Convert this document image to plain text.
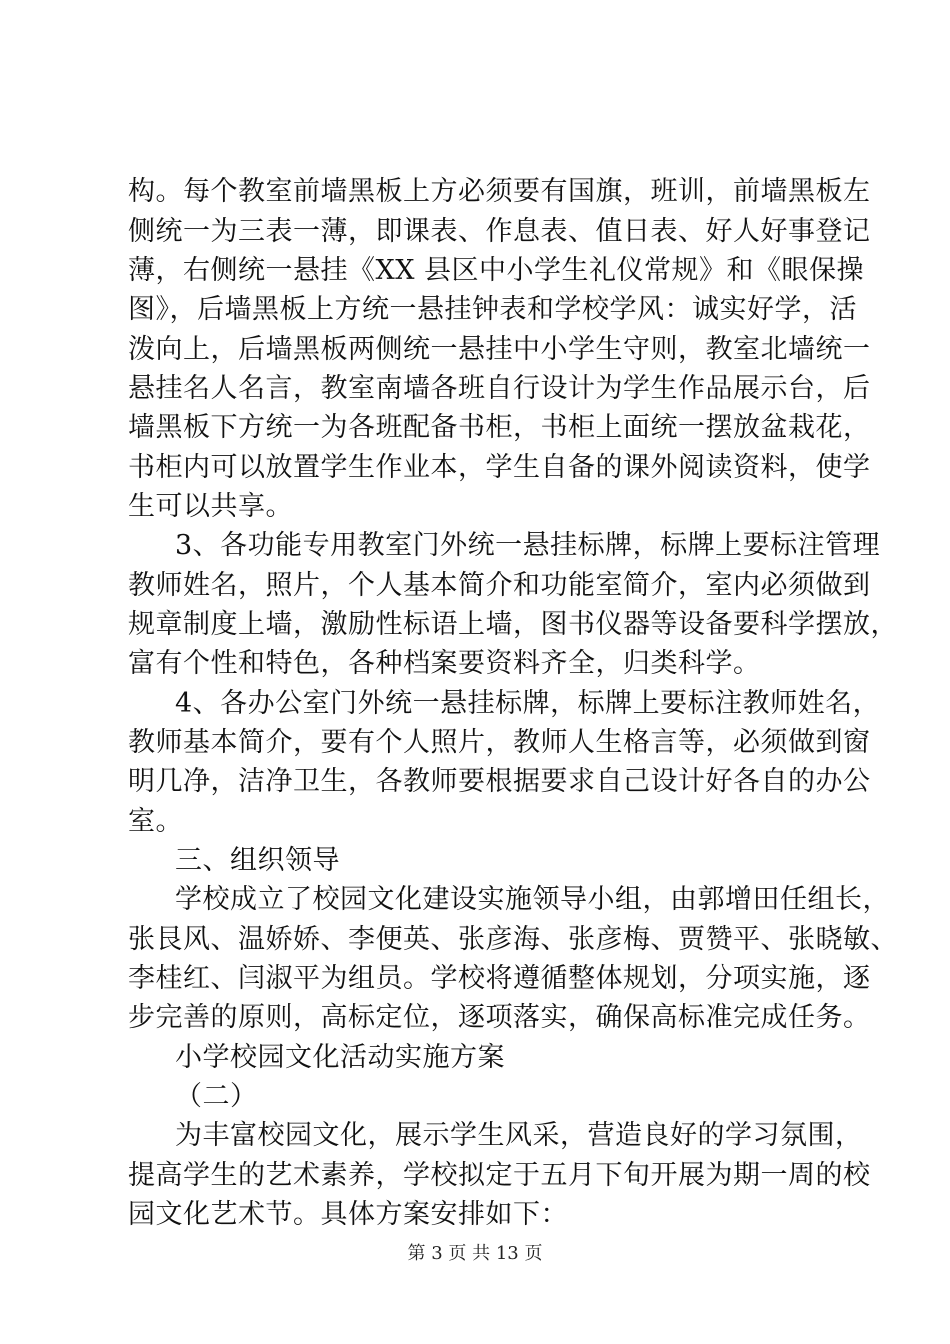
构。每个教室前墙黑板上方必须要有国旗，班训，前墙黑板左
侧统一为三表一薄，即课表、作息表、值日表、好人好事登记
薄，右侧统一悬挂《XX 县区中小学生礼仪常规》和《眼保操
图》，后墙黑板上方统一悬挂钟表和学校学风：诚实好学，活
泼向上，后墙黑板两侧统一悬挂中小学生守则，教室北墙统一
悬挂名人名言，教室南墙各班自行设计为学生作品展示台，后
墙黑板下方统一为各班配备书柜，书柜上面统一摆放盆栽花，
书柜内可以放置学生作业本，学生自备的课外阅读资料，使学
生可以共享。
3、各功能专用教室门外统一悬挂标牌，标牌上要标注管理
教师姓名，照片，个人基本简介和功能室简介，室内必须做到
规章制度上墙，激励性标语上墙，图书仪器等设备要科学摆放，
富有个性和特色，各种档案要资料齐全，归类科学。
4、各办公室门外统一悬挂标牌，标牌上要标注教师姓名，
教师基本简介，要有个人照片，教师人生格言等，必须做到窗
明几净，洁净卫生，各教师要根据要求自己设计好各自的办公
室。
三、组织领导
学校成立了校园文化建设实施领导小组，由郭增田任组长，
张艮风、温娇娇、李便英、张彦海、张彦梅、贾赞平、张晓敏、
李桂红、闫淑平为组员。学校将遵循整体规划，分项实施，逐
步完善的原则，高标定位，逐项落实，确保高标准完成任务。
小学校园文化活动实施方案
（二）
为丰富校园文化，展示学生风采，营造良好的学习氛围，
提高学生的艺术素养，学校拟定于五月下旬开展为期一周的校
园文化艺术节。具体方案安排如下：
第 3 页 共 13 页
